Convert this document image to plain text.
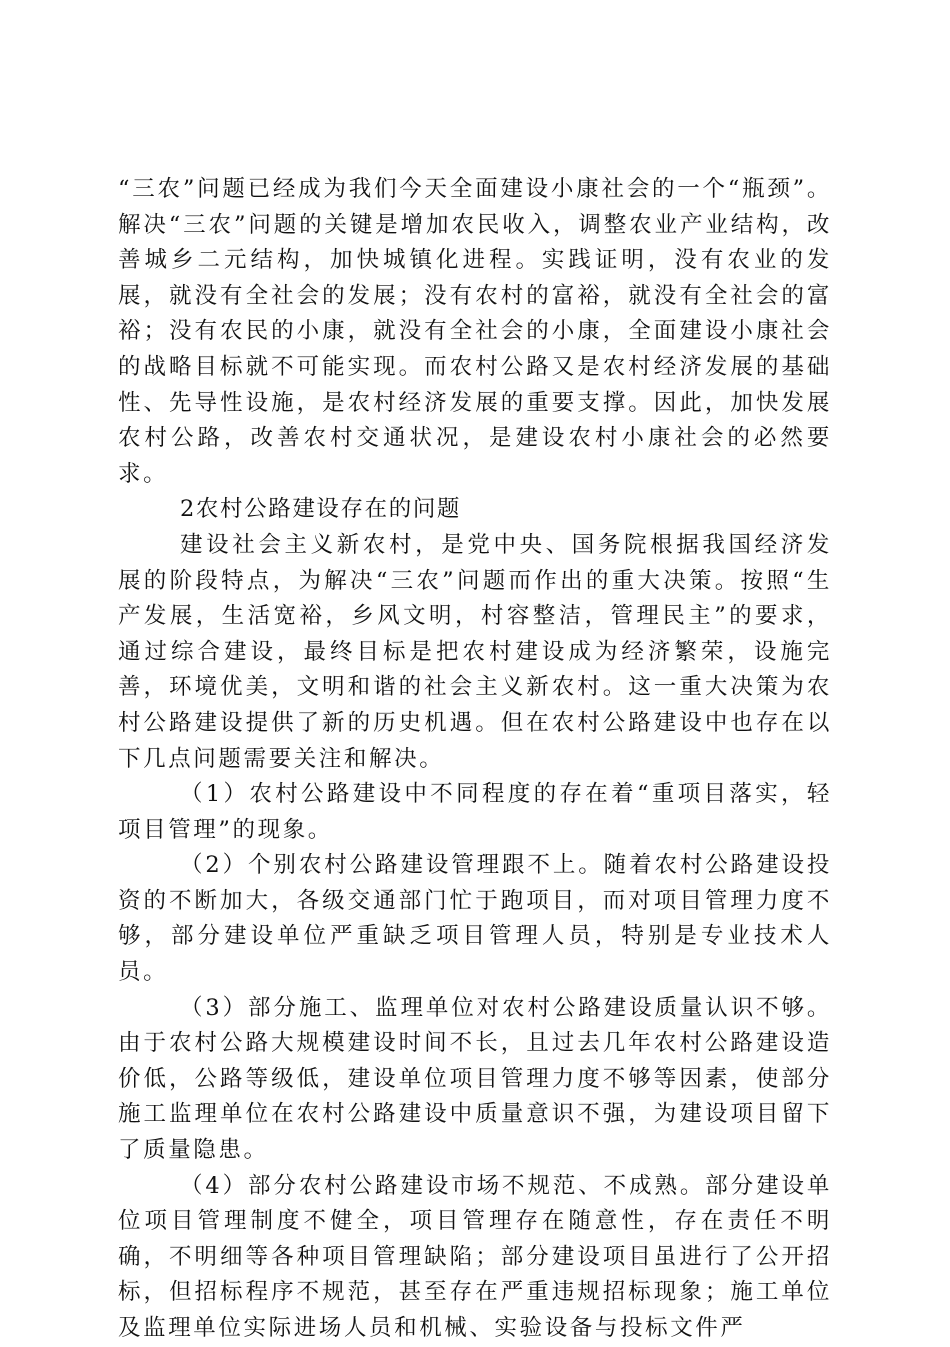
“三农”问题已经成为我们今天全面建设小康社会的一个“瓶颈”。解决“三农”问题的关键是增加农民收入，调整农业产业结构，改善城乡二元结构，加快城镇化进程。实践证明，没有农业的发展，就没有全社会的发展；没有农村的富裕，就没有全社会的富裕；没有农民的小康，就没有全社会的小康，全面建设小康社会的战略目标就不可能实现。而农村公路又是农村经济发展的基础性、先导性设施，是农村经济发展的重要支撑。因此，加快发展农村公路，改善农村交通状况，是建设农村小康社会的必然要求。

2农村公路建设存在的问题

建设社会主义新农村，是党中央、国务院根据我国经济发展的阶段特点，为解决“三农”问题而作出的重大决策。按照“生产发展，生活宽裕，乡风文明，村容整洁，管理民主”的要求，通过综合建设，最终目标是把农村建设成为经济繁荣，设施完善，环境优美，文明和谐的社会主义新农村。这一重大决策为农村公路建设提供了新的历史机遇。但在农村公路建设中也存在以下几点问题需要关注和解决。

（1）农村公路建设中不同程度的存在着“重项目落实，轻项目管理”的现象。

（2）个别农村公路建设管理跟不上。随着农村公路建设投资的不断加大，各级交通部门忙于跑项目，而对项目管理力度不够，部分建设单位严重缺乏项目管理人员，特别是专业技术人员。

（3）部分施工、监理单位对农村公路建设质量认识不够。由于农村公路大规模建设时间不长，且过去几年农村公路建设造价低，公路等级低，建设单位项目管理力度不够等因素，使部分施工监理单位在农村公路建设中质量意识不强，为建设项目留下了质量隐患。

（4）部分农村公路建设市场不规范、不成熟。部分建设单位项目管理制度不健全，项目管理存在随意性，存在责任不明确，不明细等各种项目管理缺陷；部分建设项目虽进行了公开招标，但招标程序不规范，甚至存在严重违规招标现象；施工单位及监理单位实际进场人员和机械、实验设备与投标文件严
